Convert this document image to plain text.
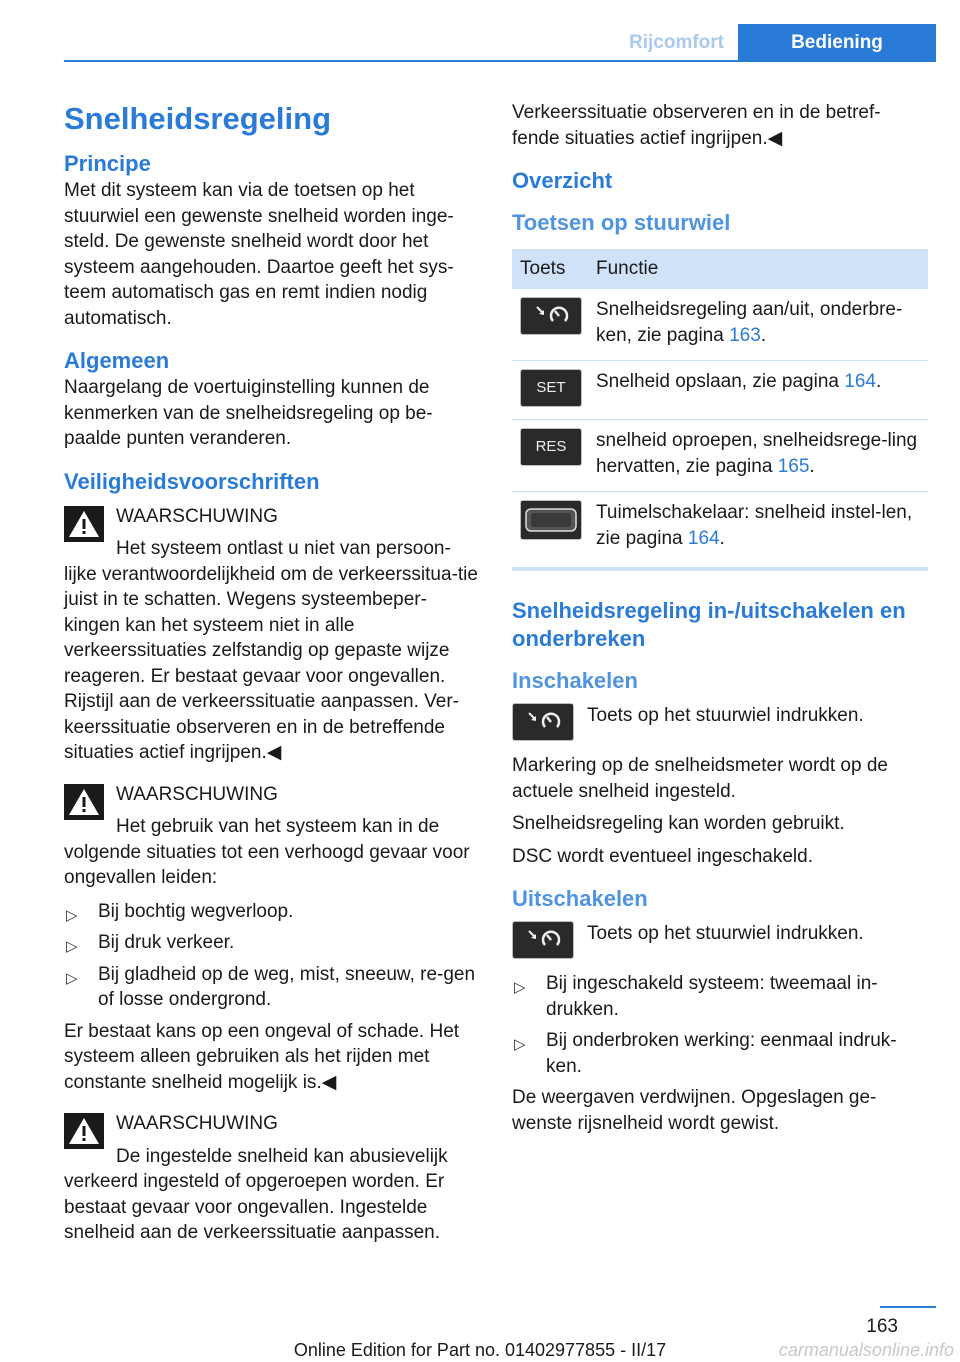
Rijcomfort	Bediening
Snelheidsregeling
Principe

Met dit systeem kan via de toetsen op het stuurwiel een gewenste snelheid worden inge-steld. De gewenste snelheid wordt door het systeem aangehouden. Daartoe geeft het sys-teem automatisch gas en remt indien nodig automatisch.

Algemeen

Naargelang de voertuiginstelling kunnen de kenmerken van de snelheidsregeling op be-paalde punten veranderen.

Veiligheidsvoorschriften
WAARSCHUWING

Het systeem ontlast u niet van persoon-lijke verantwoordelijkheid om de verkeerssitua-tie juist in te schatten. Wegens systeembeper-kingen kan het systeem niet in alle verkeerssituaties zelfstandig op gepaste wijze reageren. Er bestaat gevaar voor ongevallen. Rijstijl aan de verkeerssituatie aanpassen. Ver-keerssituatie observeren en in de betreffende situaties actief ingrijpen.◀

WAARSCHUWING

Het gebruik van het systeem kan in de volgende situaties tot een verhoogd gevaar voor ongevallen leiden:

▷ Bij bochtig wegverloop.
▷ Bij druk verkeer.
▷ Bij gladheid op de weg, mist, sneeuw, re-gen of losse ondergrond.

Er bestaat kans op een ongeval of schade. Het systeem alleen gebruiken als het rijden met constante snelheid mogelijk is.◀

WAARSCHUWING

De ingestelde snelheid kan abusievelijk verkeerd ingesteld of opgeroepen worden. Er bestaat gevaar voor ongevallen. Ingestelde snelheid aan de verkeerssituatie aanpassen.

Verkeerssituatie observeren en in de betref-fende situaties actief ingrijpen.◀

Overzicht
Toetsen op stuurwiel
Toets	Functie

	Snelheidsregeling aan/uit, onderbre-ken, zie pagina 163.

SET	Snelheid opslaan, zie pagina 164.

RES	snelheid oproepen, snelheidsrege-ling hervatten, zie pagina 165.

	Tuimelschakelaar: snelheid instel-len, zie pagina 164.
Snelheidsregeling in-/uitschakelen en onderbreken
Inschakelen

Toets op het stuurwiel indrukken.

Markering op de snelheidsmeter wordt op de actuele snelheid ingesteld.

Snelheidsregeling kan worden gebruikt.

DSC wordt eventueel ingeschakeld.

Uitschakelen

Toets op het stuurwiel indrukken.

▷ Bij ingeschakeld systeem: tweemaal in-drukken.
▷ Bij onderbroken werking: eenmaal indruk-ken.

De weergaven verdwijnen. Opgeslagen ge-wenste rijsnelheid wordt gewist.

163
Online Edition for Part no. 01402977855 - II/17	carmanualsonline.info
